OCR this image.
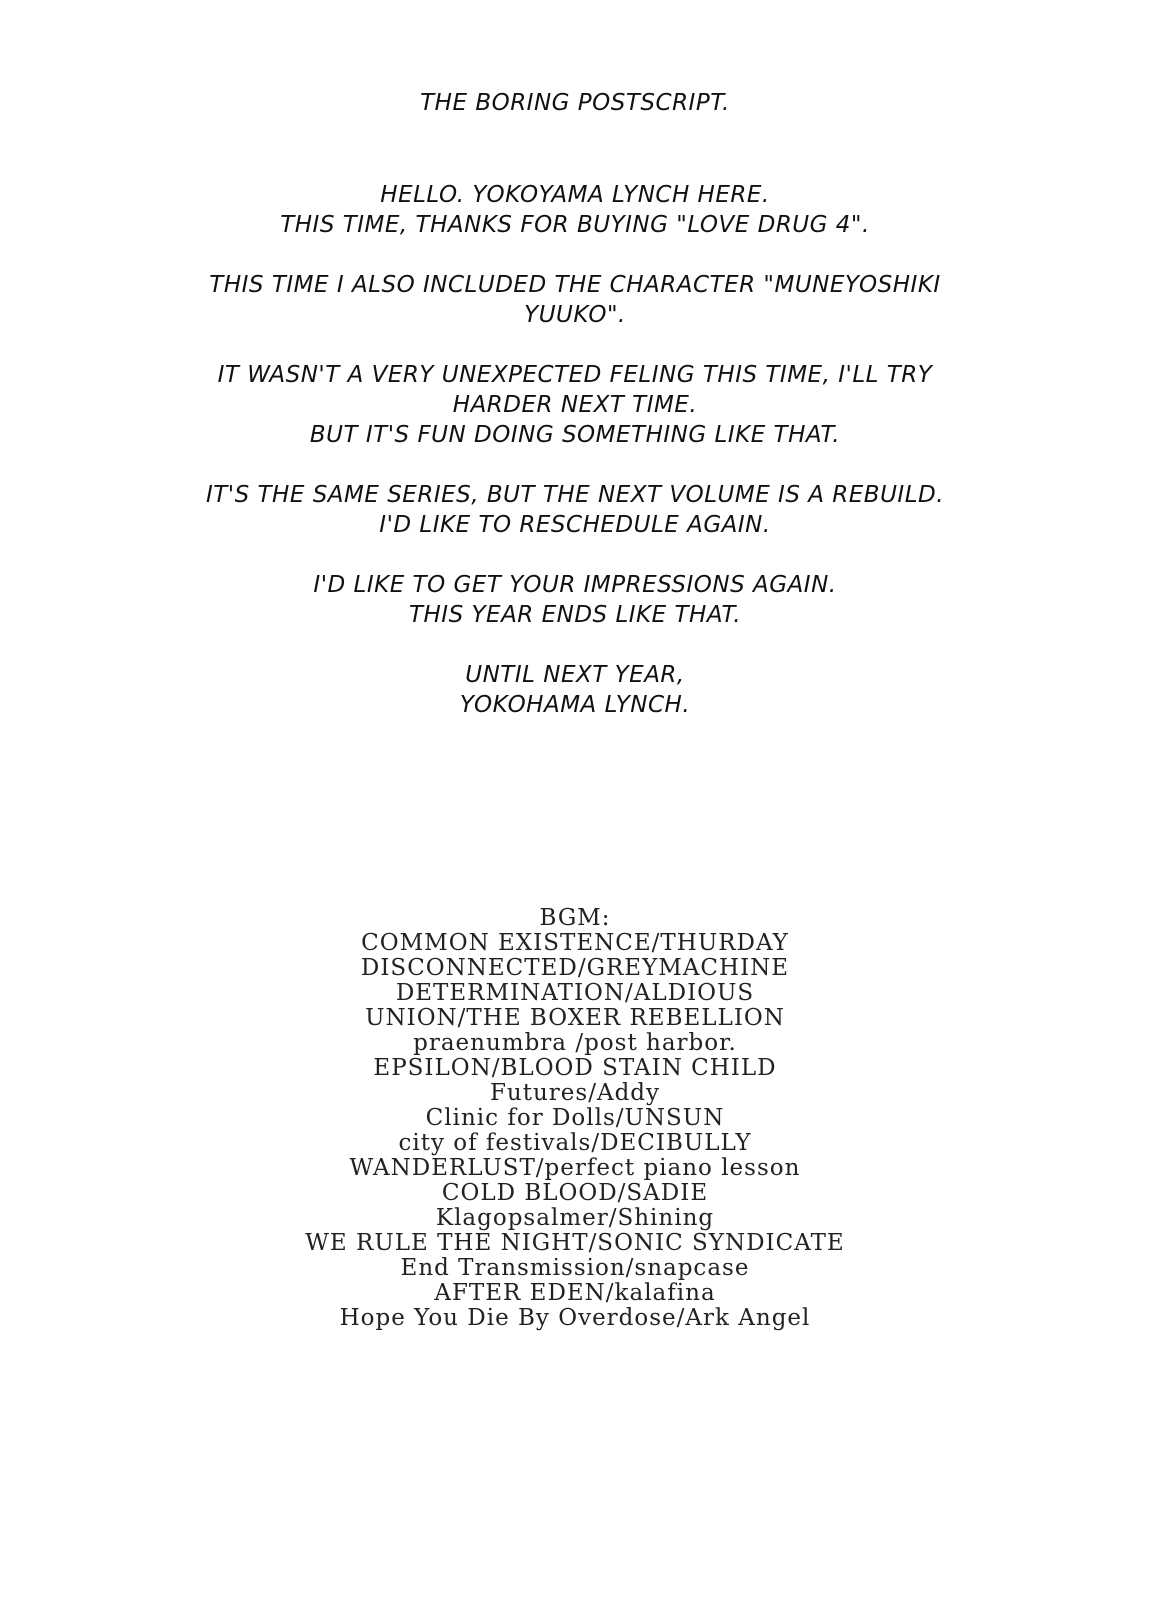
THE BORING POSTSCRIPT.
HELLO. YOKOYAMA LYNCH HERE.
THIS TIME, THANKS FOR BUYING "LOVE DRUG 4".
THIS TIME I ALSO INCLUDED THE CHARACTER "MUNEYOSHIKI
YUUKO".
IT WASN'T A VERY UNEXPECTED FELING THIS TIME, I'LL TRY
HARDER NEXT TIME.
BUT IT'S FUN DOING SOMETHING LIKE THAT.
IT'S THE SAME SERIES, BUT THE NEXT VOLUME IS A REBUILD.
I'D LIKE TO RESCHEDULE AGAIN.
I'D LIKE TO GET YOUR IMPRESSIONS AGAIN.
THIS YEAR ENDS LIKE THAT.
UNTIL NEXT YEAR,
YOKOHAMA LYNCH.
BGM:
COMMON EXISTENCE/THURDAY
DISCONNECTED/GREYMACHINE
DETERMINATION/ALDIOUS
UNION/THE BOXER REBELLION
praenumbra /post harbor.
EPSILON/BLOOD STAIN CHILD
Futures/Addy
Clinic for Dolls/UNSUN
city of festivals/DECIBULLY
WANDERLUST/perfect piano lesson
COLD BLOOD/SADIE
Klagopsalmer/Shining
WE RULE THE NIGHT/SONIC SYNDICATE
End Transmission/snapcase
AFTER EDEN/kalafina
Hope You Die By Overdose/Ark Angel
